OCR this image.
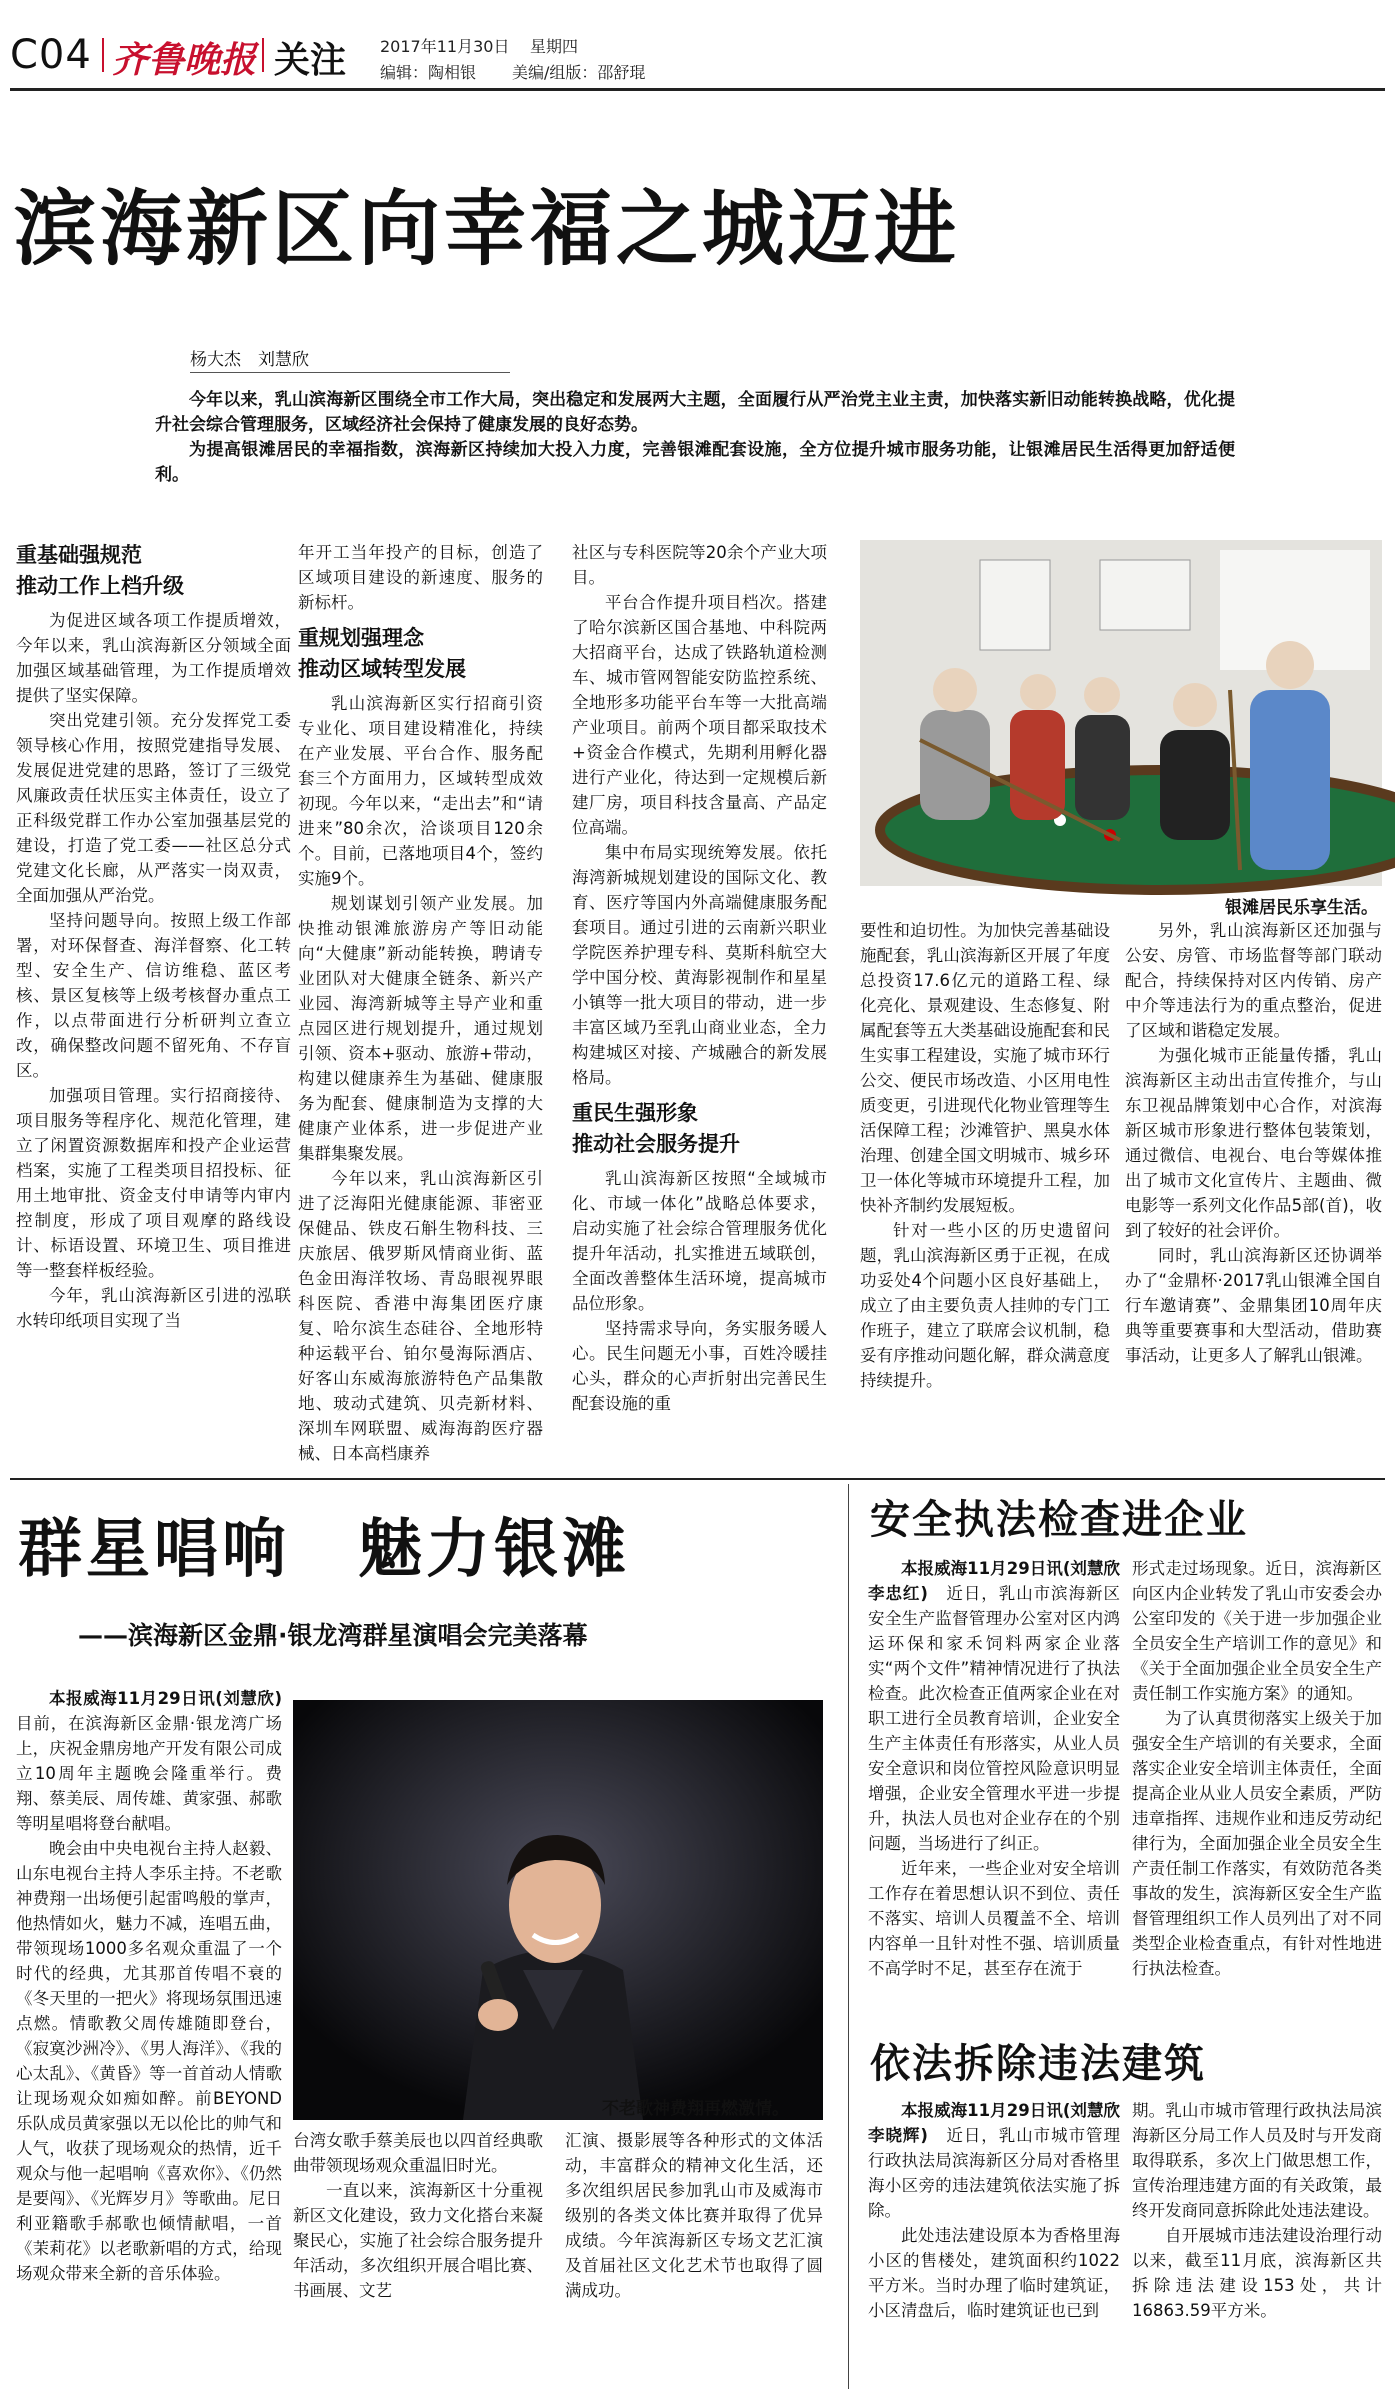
C04 齐鲁晚报 关注 2017年11月30日 星期四
编辑：陶相银 美编/组版：邵舒琨
滨海新区向幸福之城迈进
杨大杰　刘慧欣

今年以来，乳山滨海新区围绕全市工作大局，突出稳定和发展两大主题，全面履行从严治党主业主责，加快落实新旧动能转换战略，优化提升社会综合管理服务，区域经济社会保持了健康发展的良好态势。

为提高银滩居民的幸福指数，滨海新区持续加大投入力度，完善银滩配套设施，全方位提升城市服务功能，让银滩居民生活得更加舒适便利。

重基础强规范
推动工作上档升级

为促进区域各项工作提质增效，今年以来，乳山滨海新区分领域全面加强区域基础管理，为工作提质增效提供了坚实保障。

突出党建引领。充分发挥党工委领导核心作用，按照党建指导发展、发展促进党建的思路，签订了三级党风廉政责任状压实主体责任，设立了正科级党群工作办公室加强基层党的建设，打造了党工委——社区总分式党建文化长廊，从严落实一岗双责，全面加强从严治党。

坚持问题导向。按照上级工作部署，对环保督查、海洋督察、化工转型、安全生产、信访维稳、蓝区考核、景区复核等上级考核督办重点工作，以点带面进行分析研判立查立改，确保整改问题不留死角、不存盲区。

加强项目管理。实行招商接待、项目服务等程序化、规范化管理，建立了闲置资源数据库和投产企业运营档案，实施了工程类项目招投标、征用土地审批、资金支付申请等内审内控制度，形成了项目观摩的路线设计、标语设置、环境卫生、项目推进等一整套样板经验。

今年，乳山滨海新区引进的泓联水转印纸项目实现了当

年开工当年投产的目标，创造了区域项目建设的新速度、服务的新标杆。

重规划强理念
推动区域转型发展

乳山滨海新区实行招商引资专业化、项目建设精准化，持续在产业发展、平台合作、服务配套三个方面用力，区域转型成效初现。今年以来，“走出去”和“请进来”80余次，洽谈项目120余个。目前，已落地项目4个，签约实施9个。

规划谋划引领产业发展。加快推动银滩旅游房产等旧动能向“大健康”新动能转换，聘请专业团队对大健康全链条、新兴产业园、海湾新城等主导产业和重点园区进行规划提升，通过规划引领、资本+驱动、旅游+带动，构建以健康养生为基础、健康服务为配套、健康制造为支撑的大健康产业体系，进一步促进产业集群集聚发展。

今年以来，乳山滨海新区引进了泛海阳光健康能源、菲密亚保健品、铁皮石斛生物科技、三庆旅居、俄罗斯风情商业街、蓝色金田海洋牧场、青岛眼视界眼科医院、香港中海集团医疗康复、哈尔滨生态硅谷、全地形特种运载平台、铂尔曼海际酒店、好客山东威海旅游特色产品集散地、玻动式建筑、贝壳新材料、深圳车网联盟、威海海韵医疗器械、日本高档康养

社区与专科医院等20余个产业大项目。

平台合作提升项目档次。搭建了哈尔滨新区国合基地、中科院两大招商平台，达成了铁路轨道检测车、城市管网智能安防监控系统、全地形多功能平台车等一大批高端产业项目。前两个项目都采取技术+资金合作模式，先期利用孵化器进行产业化，待达到一定规模后新建厂房，项目科技含量高、产品定位高端。

集中布局实现统筹发展。依托海湾新城规划建设的国际文化、教育、医疗等国内外高端健康服务配套项目。通过引进的云南新兴职业学院医养护理专科、莫斯科航空大学中国分校、黄海影视制作和星星小镇等一批大项目的带动，进一步丰富区域乃至乳山商业业态，全力构建城区对接、产城融合的新发展格局。

重民生强形象
推动社会服务提升

乳山滨海新区按照“全域城市化、市域一体化”战略总体要求，启动实施了社会综合管理服务优化提升年活动，扎实推进五域联创，全面改善整体生活环境，提高城市品位形象。

坚持需求导向，务实服务暖人心。民生问题无小事，百姓冷暖挂心头，群众的心声折射出完善民生配套设施的重

银滩居民乐享生活。

要性和迫切性。为加快完善基础设施配套，乳山滨海新区开展了年度总投资17.6亿元的道路工程、绿化亮化、景观建设、生态修复、附属配套等五大类基础设施配套和民生实事工程建设，实施了城市环行公交、便民市场改造、小区用电性质变更，引进现代化物业管理等生活保障工程；沙滩管护、黑臭水体治理、创建全国文明城市、城乡环卫一体化等城市环境提升工程，加快补齐制约发展短板。

针对一些小区的历史遗留问题，乳山滨海新区勇于正视，在成功妥处4个问题小区良好基础上，成立了由主要负责人挂帅的专门工作班子，建立了联席会议机制，稳妥有序推动问题化解，群众满意度持续提升。

另外，乳山滨海新区还加强与公安、房管、市场监督等部门联动配合，持续保持对区内传销、房产中介等违法行为的重点整治，促进了区域和谐稳定发展。

为强化城市正能量传播，乳山滨海新区主动出击宣传推介，与山东卫视品牌策划中心合作，对滨海新区城市形象进行整体包装策划，通过微信、电视台、电台等媒体推出了城市文化宣传片、主题曲、微电影等一系列文化作品5部(首)，收到了较好的社会评价。

同时，乳山滨海新区还协调举办了“金鼎杯·2017乳山银滩全国自行车邀请赛”、金鼎集团10周年庆典等重要赛事和大型活动，借助赛事活动，让更多人了解乳山银滩。

群星唱响　魅力银滩
——滨海新区金鼎·银龙湾群星演唱会完美落幕

本报威海11月29日讯(刘慧欣)　目前，在滨海新区金鼎·银龙湾广场上，庆祝金鼎房地产开发有限公司成立10周年主题晚会隆重举行。费翔、蔡美辰、周传雄、黄家强、郝歌等明星唱将登台献唱。

晚会由中央电视台主持人赵毅、山东电视台主持人李乐主持。不老歌神费翔一出场便引起雷鸣般的掌声，他热情如火，魅力不减，连唱五曲，带领现场1000多名观众重温了一个时代的经典，尤其那首传唱不衰的《冬天里的一把火》将现场氛围迅速点燃。情歌教父周传雄随即登台，《寂寞沙洲冷》、《男人海洋》、《我的心太乱》、《黄昏》等一首首动人情歌让现场观众如痴如醉。前BEYOND乐队成员黄家强以无以伦比的帅气和人气，收获了现场观众的热情，近千观众与他一起唱响《喜欢你》、《仍然是要闯》、《光辉岁月》等歌曲。尼日利亚籍歌手郝歌也倾情献唱，一首《茉莉花》以老歌新唱的方式，给现场观众带来全新的音乐体验。

不老歌神费翔再燃激情。

台湾女歌手蔡美辰也以四首经典歌曲带领现场观众重温旧时光。

一直以来，滨海新区十分重视新区文化建设，致力文化搭台来凝聚民心，实施了社会综合服务提升年活动，多次组织开展合唱比赛、书画展、文艺

汇演、摄影展等各种形式的文体活动，丰富群众的精神文化生活，还多次组织居民参加乳山市及威海市级别的各类文体比赛并取得了优异成绩。今年滨海新区专场文艺汇演及首届社区文化艺术节也取得了圆满成功。

安全执法检查进企业

本报威海11月29日讯(刘慧欣　李忠红)　 近日，乳山市滨海新区安全生产监督管理办公室对区内鸿运环保和家禾饲料两家企业落实“两个文件”精神情况进行了执法检查。此次检查正值两家企业在对职工进行全员教育培训，企业安全生产主体责任有形落实，从业人员安全意识和岗位管控风险意识明显增强，企业安全管理水平进一步提升，执法人员也对企业存在的个别问题，当场进行了纠正。

近年来，一些企业对安全培训工作存在着思想认识不到位、责任不落实、培训人员覆盖不全、培训内容单一且针对性不强、培训质量不高学时不足，甚至存在流于

形式走过场现象。近日，滨海新区向区内企业转发了乳山市安委会办公室印发的《关于进一步加强企业全员安全生产培训工作的意见》和《关于全面加强企业全员安全生产责任制工作实施方案》的通知。

为了认真贯彻落实上级关于加强安全生产培训的有关要求，全面落实企业安全培训主体责任，全面提高企业从业人员安全素质，严防违章指挥、违规作业和违反劳动纪律行为，全面加强企业全员安全生产责任制工作落实，有效防范各类事故的发生，滨海新区安全生产监督管理组织工作人员列出了对不同类型企业检查重点，有针对性地进行执法检查。

依法拆除违法建筑

本报威海11月29日讯(刘慧欣　李晓辉)　 近日，乳山市城市管理行政执法局滨海新区分局对香格里海小区旁的违法建筑依法实施了拆除。

此处违法建设原本为香格里海小区的售楼处，建筑面积约1022平方米。当时办理了临时建筑证，小区清盘后，临时建筑证也已到

期。乳山市城市管理行政执法局滨海新区分局工作人员及时与开发商取得联系，多次上门做思想工作，宣传治理违建方面的有关政策，最终开发商同意拆除此处违法建设。

自开展城市违法建设治理行动以来，截至11月底，滨海新区共拆除违法建设153处，共计16863.59平方米。
